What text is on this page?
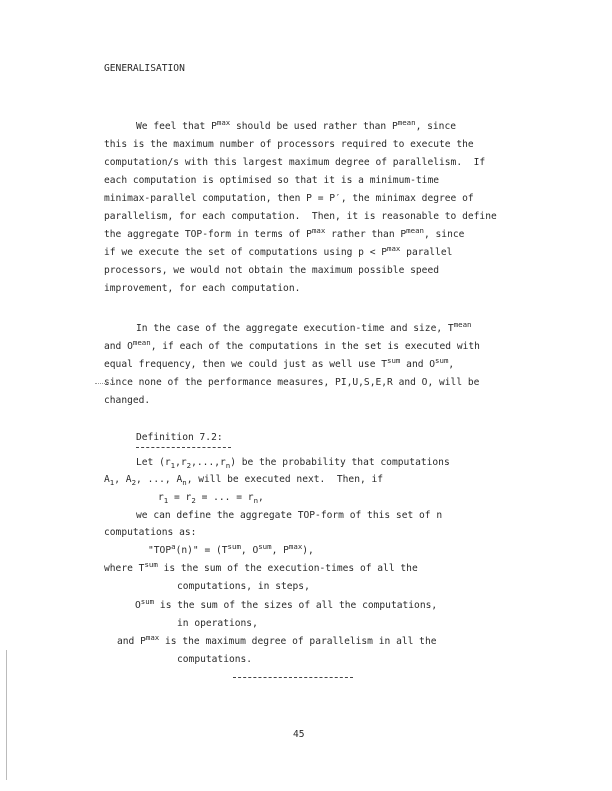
GENERALISATION
We feel that $P^{max}$ should be used rather than $P^{mean}$, since
this is the maximum number of processors required to execute the
computation/s with this largest maximum degree of parallelism.  If
each computation is optimised so that it is a minimum-time
minimax-parallel computation, then P = P′, the minimax degree of
parallelism, for each computation.  Then, it is reasonable to define
the aggregate TOP-form in terms of $P^{max}$ rather than $P^{mean}$, since
if we execute the set of computations using $p < P^{max}$ parallel
processors, we would not obtain the maximum possible speed
improvement, for each computation.
In the case of the aggregate execution-time and size, $T^{mean}$
and $O^{mean}$, if each of the computations in the set is executed with
equal frequency, then we could just as well use $T^{sum}$ and $O^{sum}$,
since none of the performance measures, PI,U,S,E,R and O, will be
changed.
Definition 7.2:
Let $(r_1,r_2,...,r_n)$ be the probability that computations
$A_1$, $A_2$, ..., $A_n$, will be executed next.  Then, if
$r_1 = r_2$ = ... = $r_n$,
we can define the aggregate TOP-form of this set of n
computations as:
"$TOP^a(n)$" = ($T^{sum}$, $O^{sum}$, $P^{max}$),
where $T^{sum}$ is the sum of the execution-times of all the
computations, in steps,
$O^{sum}$ is the sum of the sizes of all the computations,
in operations,
and $P^{max}$ is the maximum degree of parallelism in all the
computations.
45
